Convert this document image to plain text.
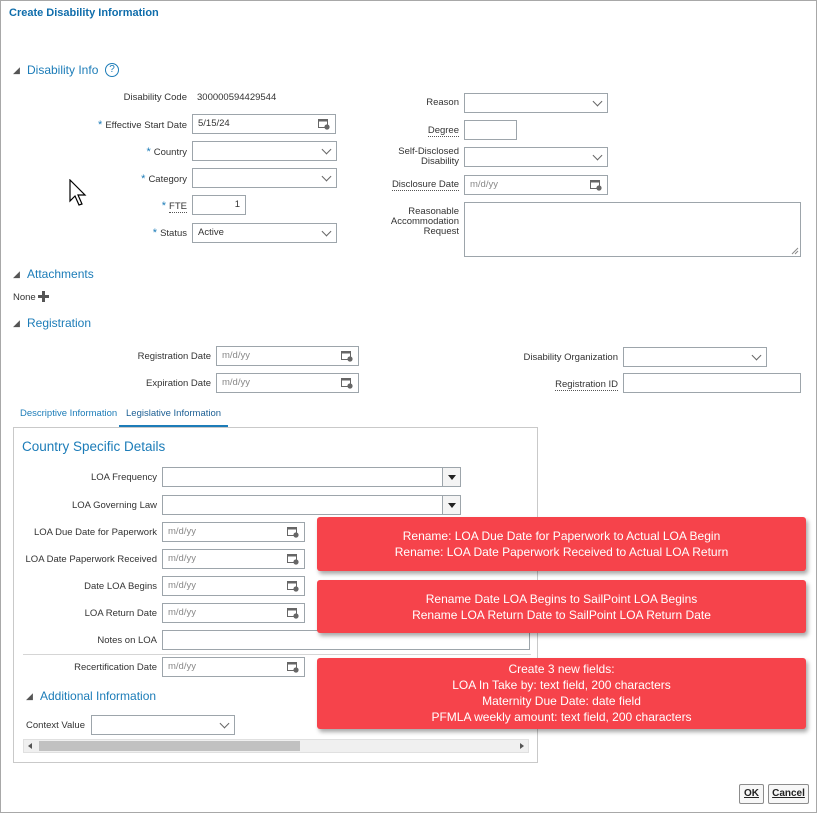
Create Disability Information
◢ Disability Info	?
Disability Code 300000594429544
* Effective Start Date	5/15/24
* Country
* Category
* FTE	1
* Status	Active
Reason
Degree
Self-Disclosed
Disability
Disclosure Date	m/d/yy
Reasonable
Accommodation
Request
◢ Attachments
None
◢ Registration
Registration Date	m/d/yy
Expiration Date	m/d/yy
Disability Organization
Registration ID
Descriptive Information Legislative Information
Country Specific Details
LOA Frequency
LOA Governing Law
LOA Due Date for Paperwork	m/d/yy
LOA Date Paperwork Received	m/d/yy
Date LOA Begins	m/d/yy
LOA Return Date	m/d/yy
Notes on LOA
Recertification Date	m/d/yy
◢ Additional Information
Context Value
Rename: LOA Due Date for Paperwork to Actual LOA Begin
Rename: LOA Date Paperwork Received to Actual LOA Return
Rename Date LOA Begins to SailPoint LOA Begins
Rename LOA Return Date to SailPoint LOA Return Date
Create 3 new fields:
LOA In Take by: text field, 200 characters
Maternity Due Date: date field
PFMLA weekly amount: text field, 200 characters
OK	Cancel
